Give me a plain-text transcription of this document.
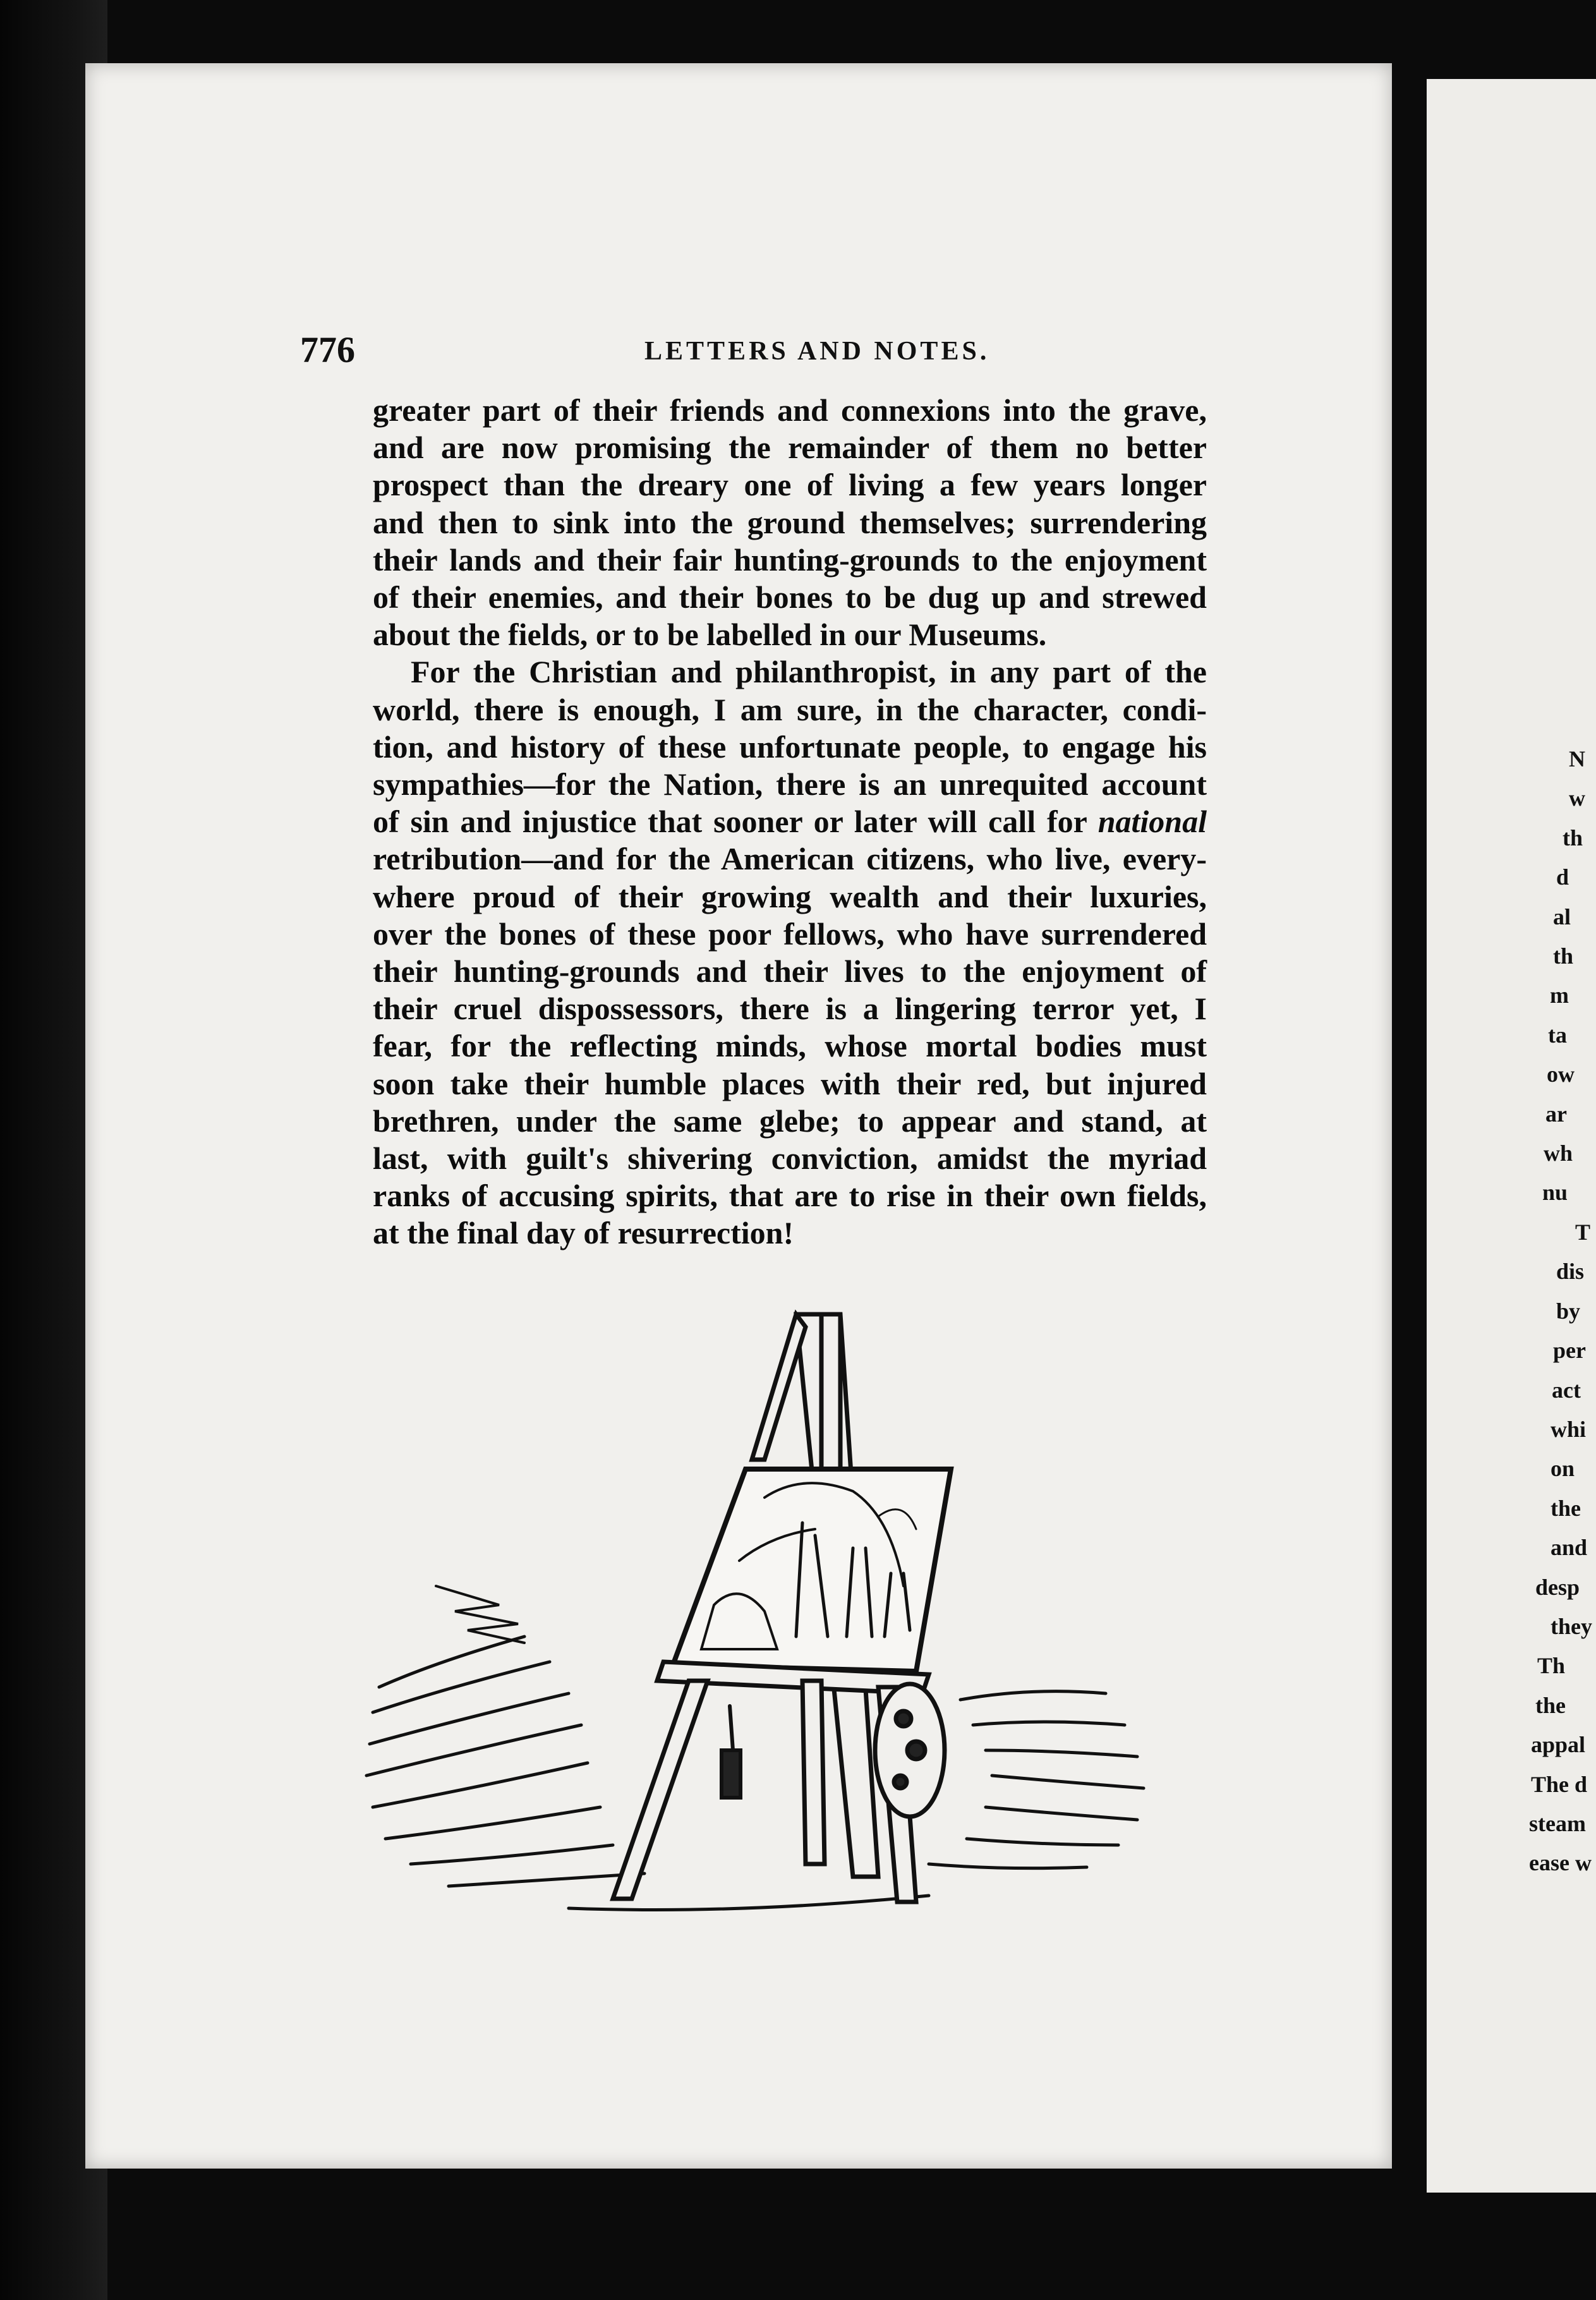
776	LETTERS AND NOTES.
greater part of their friends and connexions into the grave,
and are now promising the remainder of them no better
prospect than the dreary one of living a few years longer
and then to sink into the ground themselves; surrendering
their lands and their fair hunting-grounds to the enjoyment
of their enemies, and their bones to be dug up and strewed
about the fields, or to be labelled in our Museums.
For the Christian and philanthropist, in any part of the
world, there is enough, I am sure, in the character, condi-
tion, and history of these unfortunate people, to engage his
sympathies—for the Nation, there is an unrequited account
of sin and injustice that sooner or later will call for national
retribution—and for the American citizens, who live, every-
where proud of their growing wealth and their luxuries,
over the bones of these poor fellows, who have surrendered
their hunting-grounds and their lives to the enjoyment of
their cruel dispossessors, there is a lingering terror yet, I
fear, for the reflecting minds, whose mortal bodies must
soon take their humble places with their red, but injured
brethren, under the same glebe; to appear and stand, at
last, with guilt's shivering conviction, amidst the myriad
ranks of accusing spirits, that are to rise in their own fields,
at the final day of resurrection!
N
w
th
d
al
th
m
ta
ow
ar
wh
nu
T
dis
by
per
act
whi
on
the
and
desp
they
Th
the
appal
The d
steam
ease w
